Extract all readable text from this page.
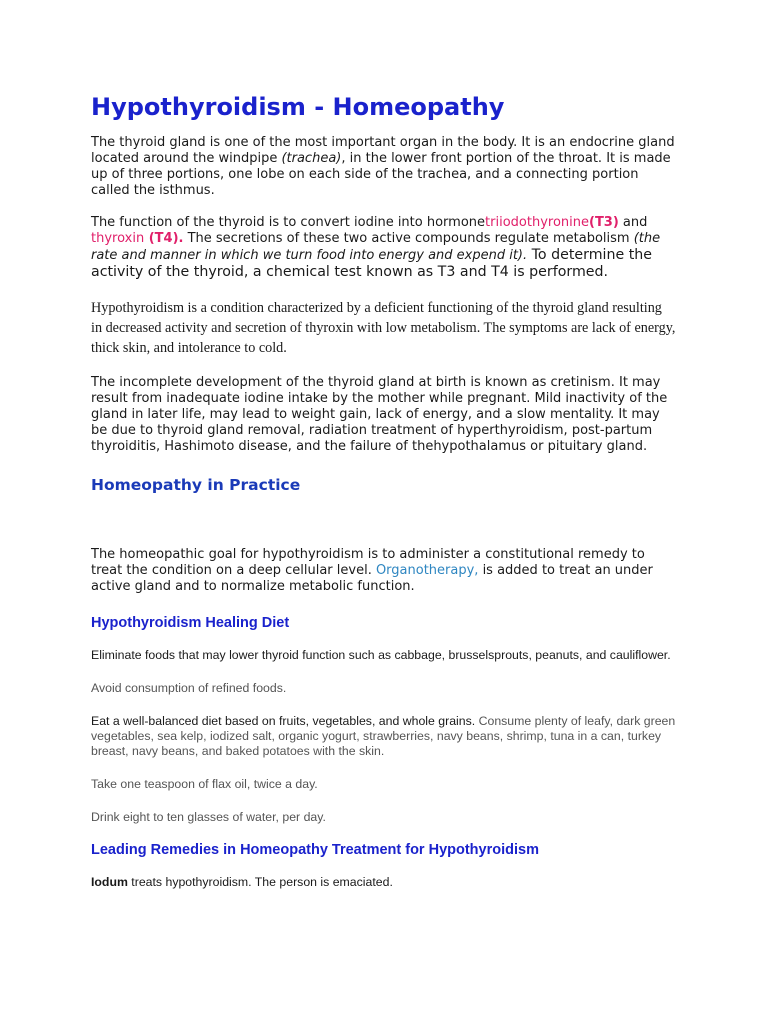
Hypothyroidism - Homeopathy

The thyroid gland is one of the most important organ in the body. It is an endocrine gland located around the windpipe (trachea), in the lower front portion of the throat. It is made up of three portions, one lobe on each side of the trachea, and a connecting portion called the isthmus.

The function of the thyroid is to convert iodine into hormonetriiodothyronine(T3) and thyroxin (T4). The secretions of these two active compounds regulate metabolism (the rate and manner in which we turn food into energy and expend it). To determine the activity of the thyroid, a chemical test known as T3 and T4 is performed.

Hypothyroidism is a condition characterized by a deficient functioning of the thyroid gland resulting in decreased activity and secretion of thyroxin with low metabolism. The symptoms are lack of energy, thick skin, and intolerance to cold.

The incomplete development of the thyroid gland at birth is known as cretinism. It may result from inadequate iodine intake by the mother while pregnant. Mild inactivity of the gland in later life, may lead to weight gain, lack of energy, and a slow mentality. It may be due to thyroid gland removal, radiation treatment of hyperthyroidism, post-partum thyroiditis, Hashimoto disease, and the failure of thehypothalamus or pituitary gland.

Homeopathy in Practice

The homeopathic goal for hypothyroidism is to administer a constitutional remedy to treat the condition on a deep cellular level. Organotherapy, is added to treat an under active gland and to normalize metabolic function.

Hypothyroidism Healing Diet

Eliminate foods that may lower thyroid function such as cabbage, brusselsprouts, peanuts, and cauliflower.

Avoid consumption of refined foods.

Eat a well-balanced diet based on fruits, vegetables, and whole grains. Consume plenty of leafy, dark green vegetables, sea kelp, iodized salt, organic yogurt, strawberries, navy beans, shrimp, tuna in a can, turkey breast, navy beans, and baked potatoes with the skin.

Take one teaspoon of flax oil, twice a day.

Drink eight to ten glasses of water, per day.

Leading Remedies in Homeopathy Treatment for Hypothyroidism

Iodum treats hypothyroidism. The person is emaciated.
